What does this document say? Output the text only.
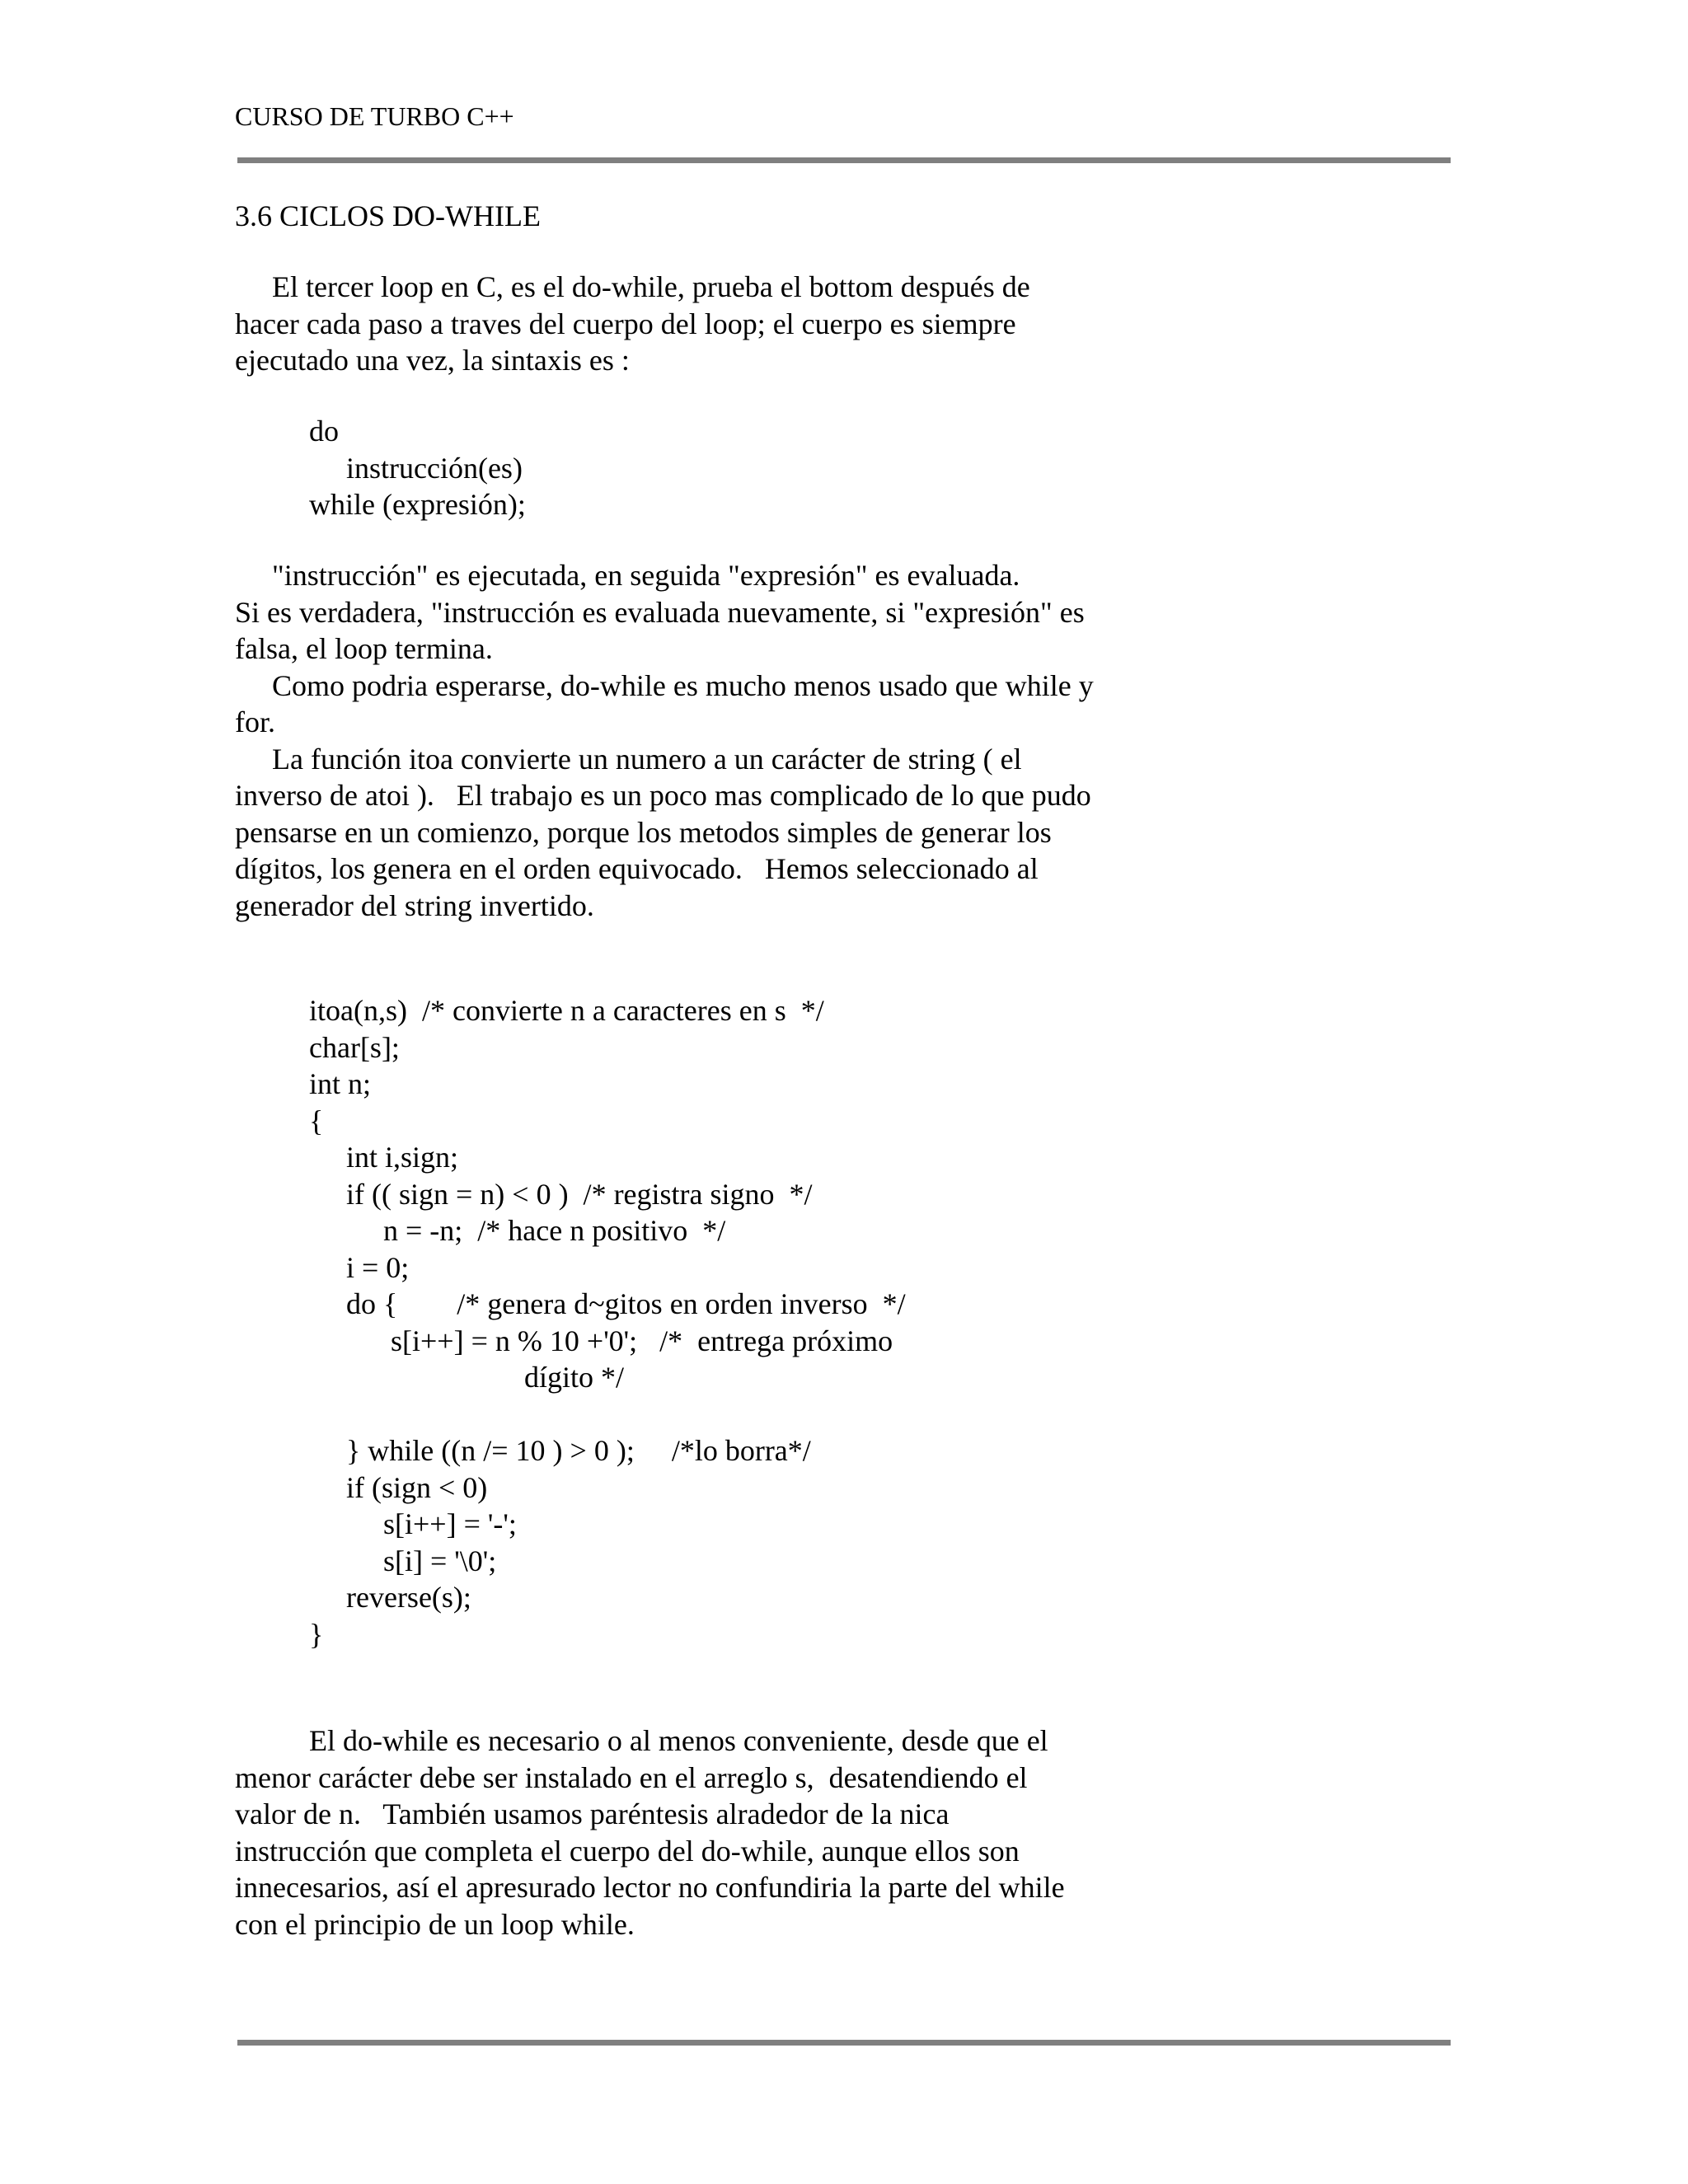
CURSO DE TURBO C++
3.6 CICLOS DO-WHILE
El tercer loop en C, es el do-while, prueba el bottom después de
hacer cada paso a traves del cuerpo del loop; el cuerpo es siempre
ejecutado una vez, la sintaxis es :
do
instrucción(es)
while (expresión);
"instrucción" es ejecutada, en seguida "expresión" es evaluada.
Si es verdadera, "instrucción es evaluada nuevamente, si "expresión" es
falsa, el loop termina.
Como podria esperarse, do-while es mucho menos usado que while y
for.
La función itoa convierte un numero a un carácter de string ( el
inverso de atoi ).   El trabajo es un poco mas complicado de lo que pudo
pensarse en un comienzo, porque los metodos simples de generar los
dígitos, los genera en el orden equivocado.   Hemos seleccionado al
generador del string invertido.
itoa(n,s)  /* convierte n a caracteres en s  */
char[s];
int n;
{
int i,sign;
if (( sign = n) < 0 )  /* registra signo  */
n = -n;  /* hace n positivo  */
i = 0;
do {        /* genera d~gitos en orden inverso  */
s[i++] = n % 10 +'0';   /*  entrega próximo
dígito */
} while ((n /= 10 ) > 0 );     /*lo borra*/
if (sign < 0)
s[i++] = '-';
s[i] = '\0';
reverse(s);
}
El do-while es necesario o al menos conveniente, desde que el
menor carácter debe ser instalado en el arreglo s,  desatendiendo el
valor de n.   También usamos paréntesis alradedor de la nica
instrucción que completa el cuerpo del do-while, aunque ellos son
innecesarios, así el apresurado lector no confundiria la parte del while
con el principio de un loop while.
